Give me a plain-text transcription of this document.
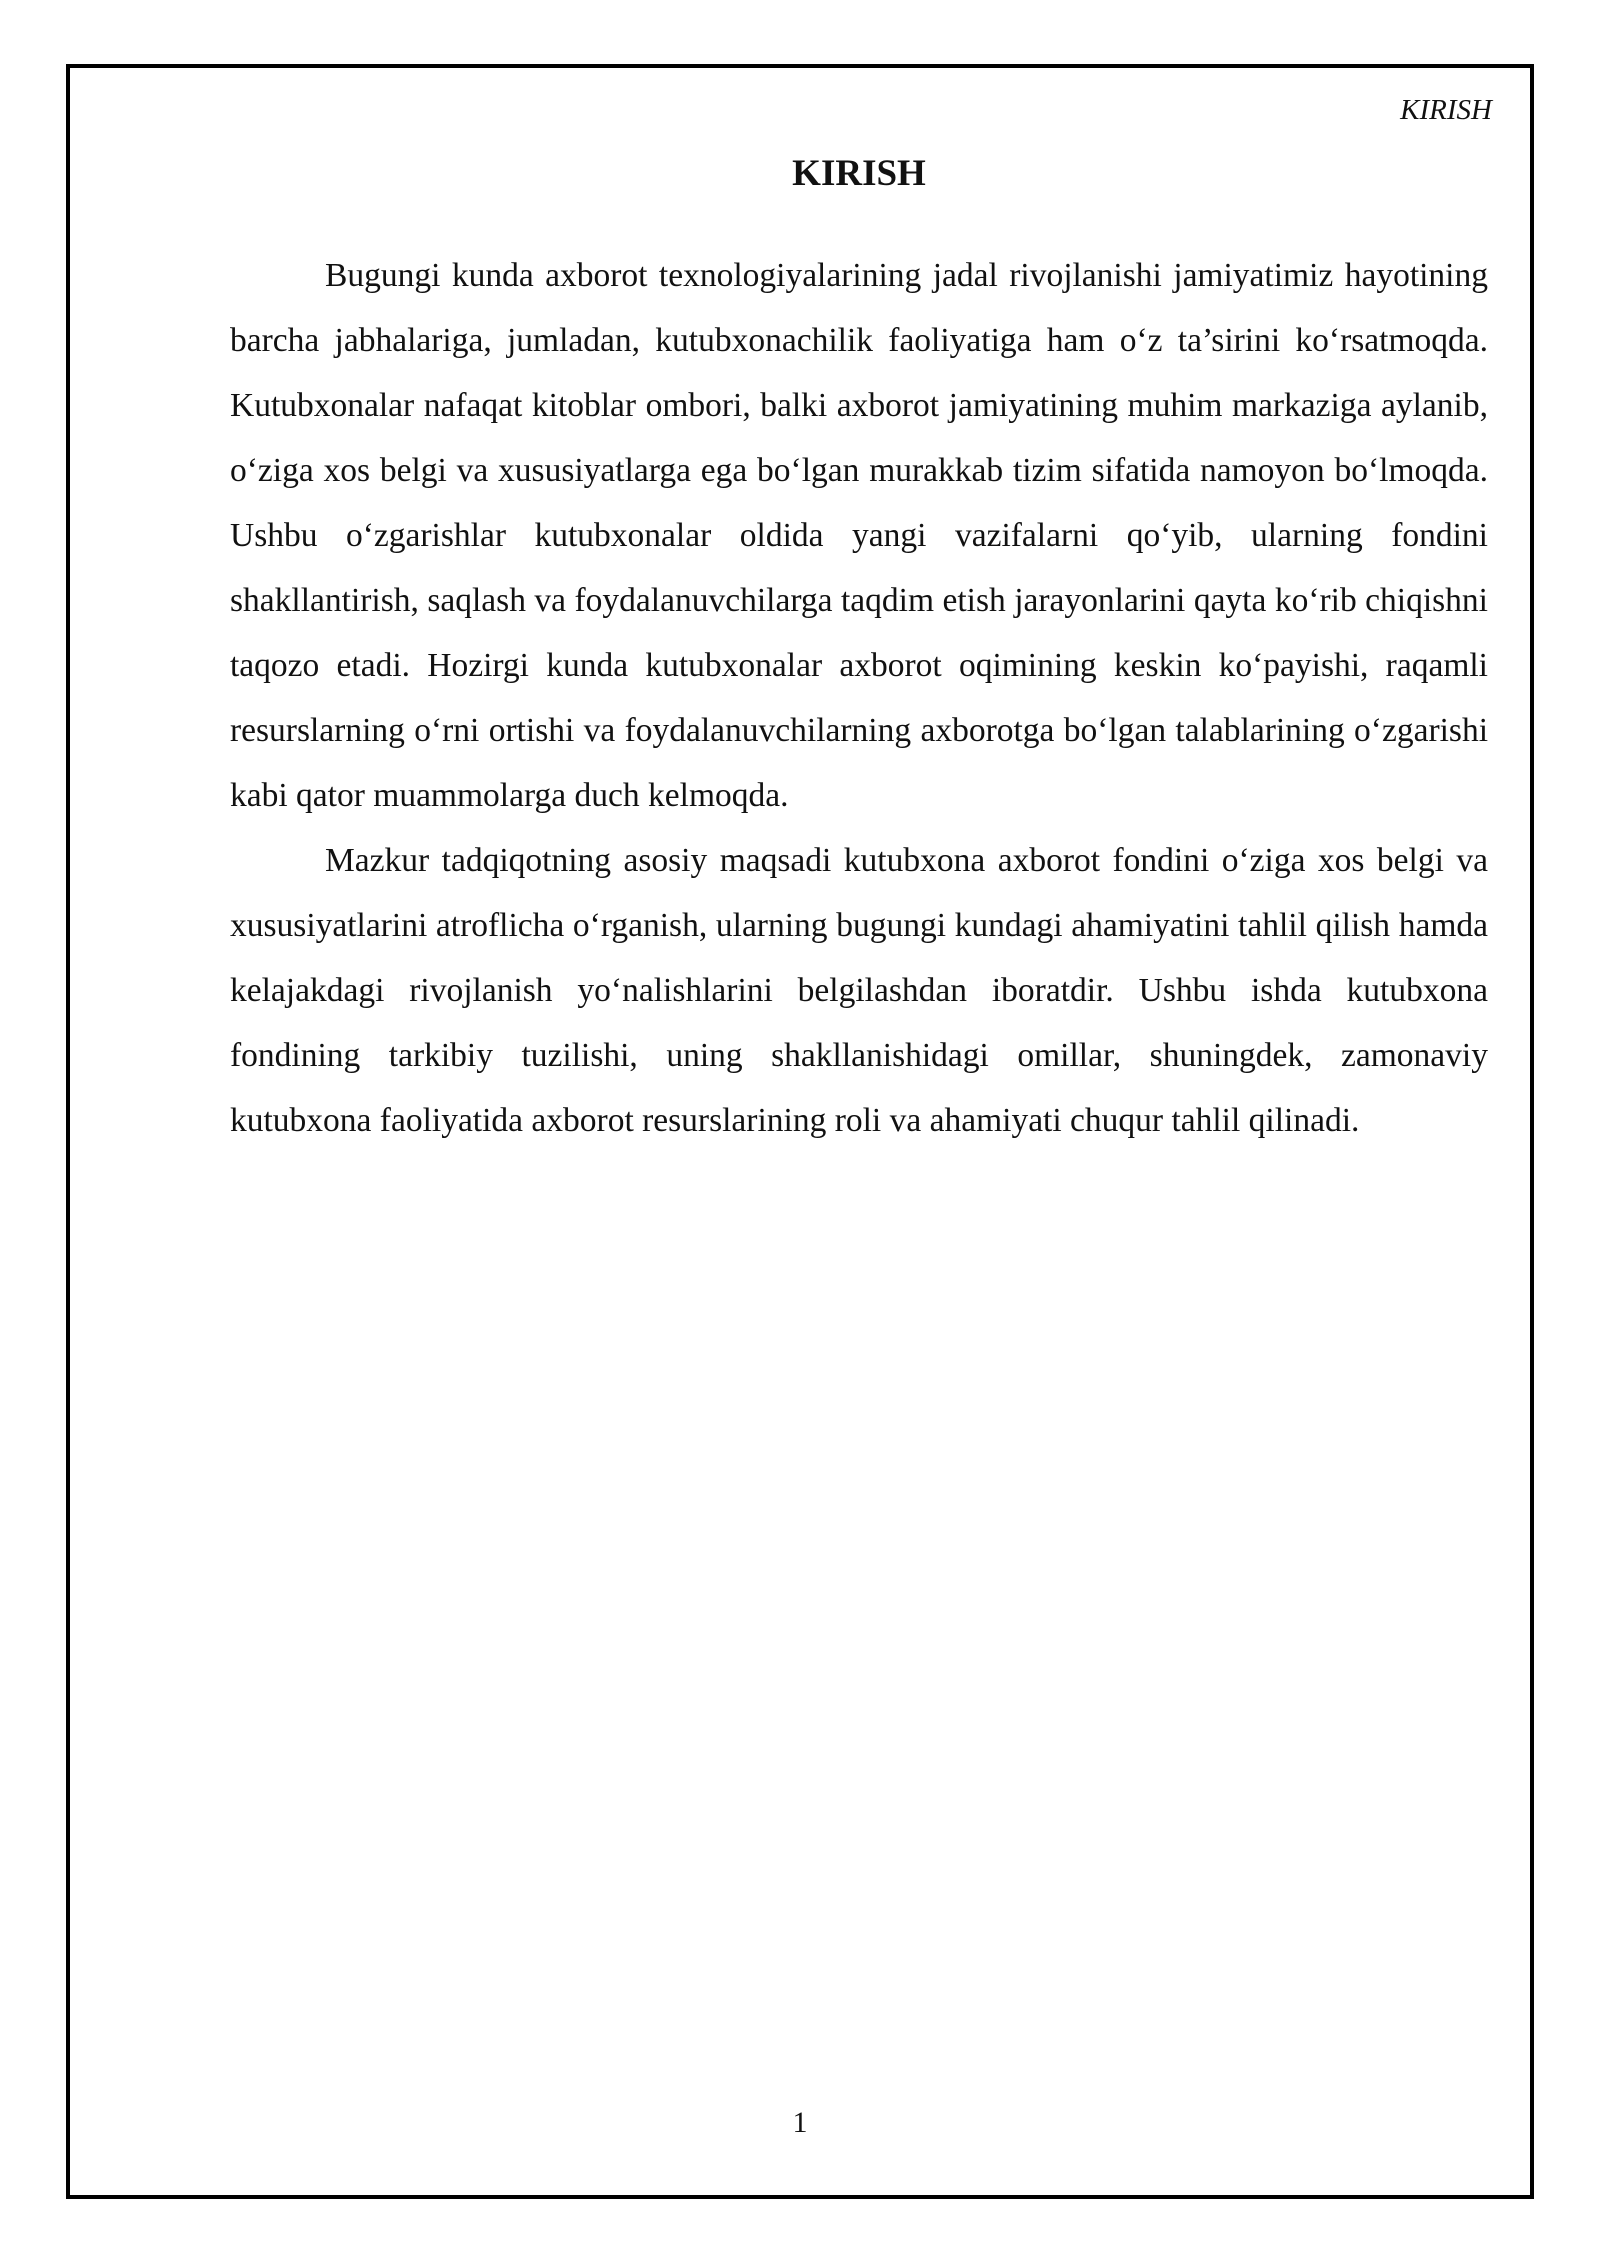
KIRISH
KIRISH

Bugungi kunda axborot texnologiyalarining jadal rivojlanishi jamiyatimiz hayotining barcha jabhalariga, jumladan, kutubxonachilik faoliyatiga ham o‘z ta’sirini ko‘rsatmoqda. Kutubxonalar nafaqat kitoblar ombori, balki axborot jamiyatining muhim markaziga aylanib, o‘ziga xos belgi va xususiyatlarga ega bo‘lgan murakkab tizim sifatida namoyon bo‘lmoqda. Ushbu o‘zgarishlar kutubxonalar oldida yangi vazifalarni qo‘yib, ularning fondini shakllantirish, saqlash va foydalanuvchilarga taqdim etish jarayonlarini qayta ko‘rib chiqishni taqozo etadi. Hozirgi kunda kutubxonalar axborot oqimining keskin ko‘payishi, raqamli resurslarning o‘rni ortishi va foydalanuvchilarning axborotga bo‘lgan talablarining o‘zgarishi kabi qator muammolarga duch kelmoqda.

Mazkur tadqiqotning asosiy maqsadi kutubxona axborot fondini o‘ziga xos belgi va xususiyatlarini atroflicha o‘rganish, ularning bugungi kundagi ahamiyatini tahlil qilish hamda kelajakdagi rivojlanish yo‘nalishlarini belgilashdan iboratdir. Ushbu ishda kutubxona fondining tarkibiy tuzilishi, uning shakllanishidagi omillar, shuningdek, zamonaviy kutubxona faoliyatida axborot resurslarining roli va ahamiyati chuqur tahlil qilinadi.

1
